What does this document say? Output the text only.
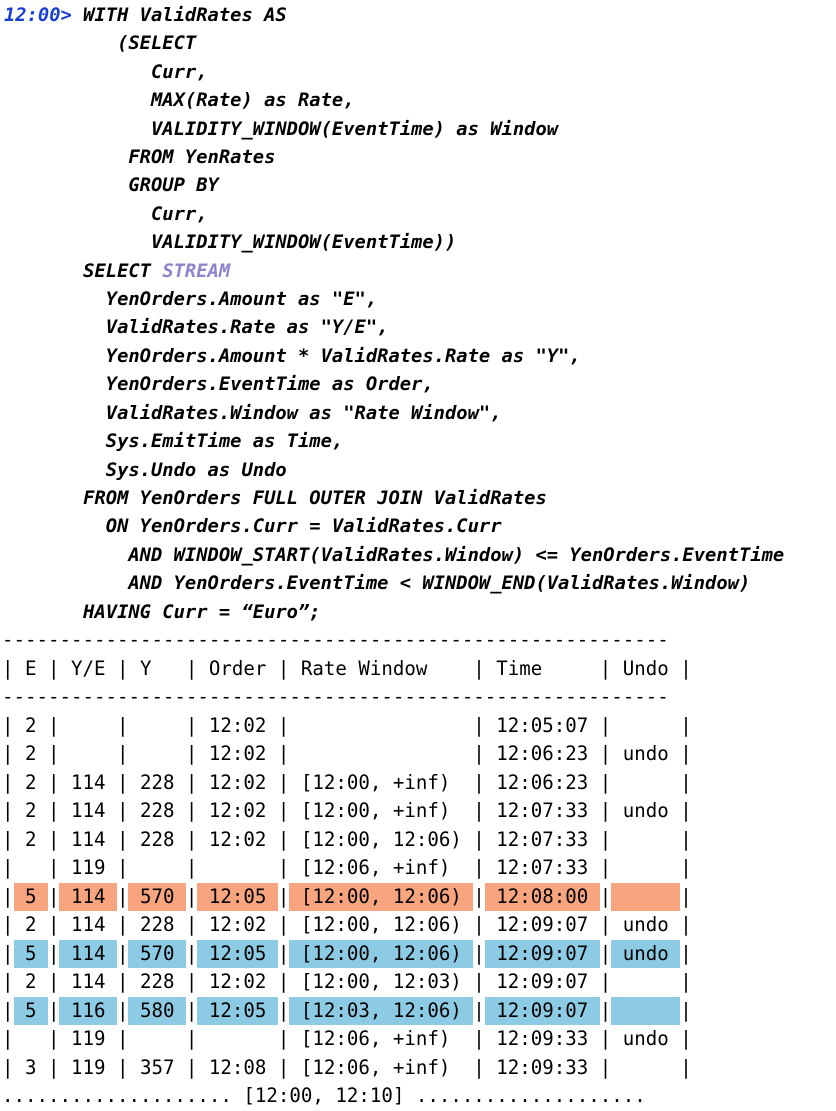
12:00> WITH ValidRates AS
(SELECT
Curr,
MAX(Rate) as Rate,
VALIDITY_WINDOW(EventTime) as Window
FROM YenRates
GROUP BY
Curr,
VALIDITY_WINDOW(EventTime))
SELECT STREAM
YenOrders.Amount as "E",
ValidRates.Rate as "Y/E",
YenOrders.Amount * ValidRates.Rate as "Y",
YenOrders.EventTime as Order,
ValidRates.Window as "Rate Window",
Sys.EmitTime as Time,
Sys.Undo as Undo
FROM YenOrders FULL OUTER JOIN ValidRates
ON YenOrders.Curr = ValidRates.Curr
AND WINDOW_START(ValidRates.Window) <= YenOrders.EventTime
AND YenOrders.EventTime < WINDOW_END(ValidRates.Window)
HAVING Curr = “Euro”;

----------------------------------------------------------
| E | Y/E | Y | Order | Rate Window | Time	| Undo |
----------------------------------------------------------
| 2 |	|	| 12:02 |	| 12:05:07 |	|
| 2 |	|	| 12:02 |	| 12:06:23 | undo |
| 2 | 114 | 228 | 12:02 | [12:00, +inf) | 12:06:23 |	|
| 2 | 114 | 228 | 12:02 | [12:00, +inf) | 12:07:33 | undo |
| 2 | 114 | 228 | 12:02 | [12:00, 12:06) | 12:07:33 |	|
| | 119 |	|	| [12:06, +inf) | 12:07:33 |	|
| 5 | 114 | 570 | 12:05 | [12:00, 12:06) | 12:08:00 |	|
| 2 | 114 | 228 | 12:02 | [12:00, 12:06) | 12:09:07 | undo |
| 5 | 114 | 570 | 12:05 | [12:00, 12:06) | 12:09:07 | undo |
| 2 | 114 | 228 | 12:02 | [12:00, 12:03) | 12:09:07 |	|
| 5 | 116 | 580 | 12:05 | [12:03, 12:06) | 12:09:07 |	|
| | 119 |	|	| [12:06, +inf) | 12:09:33 | undo |
| 3 | 119 | 357 | 12:08 | [12:06, +inf) | 12:09:33 |	|
.................... [12:00, 12:10] ....................
